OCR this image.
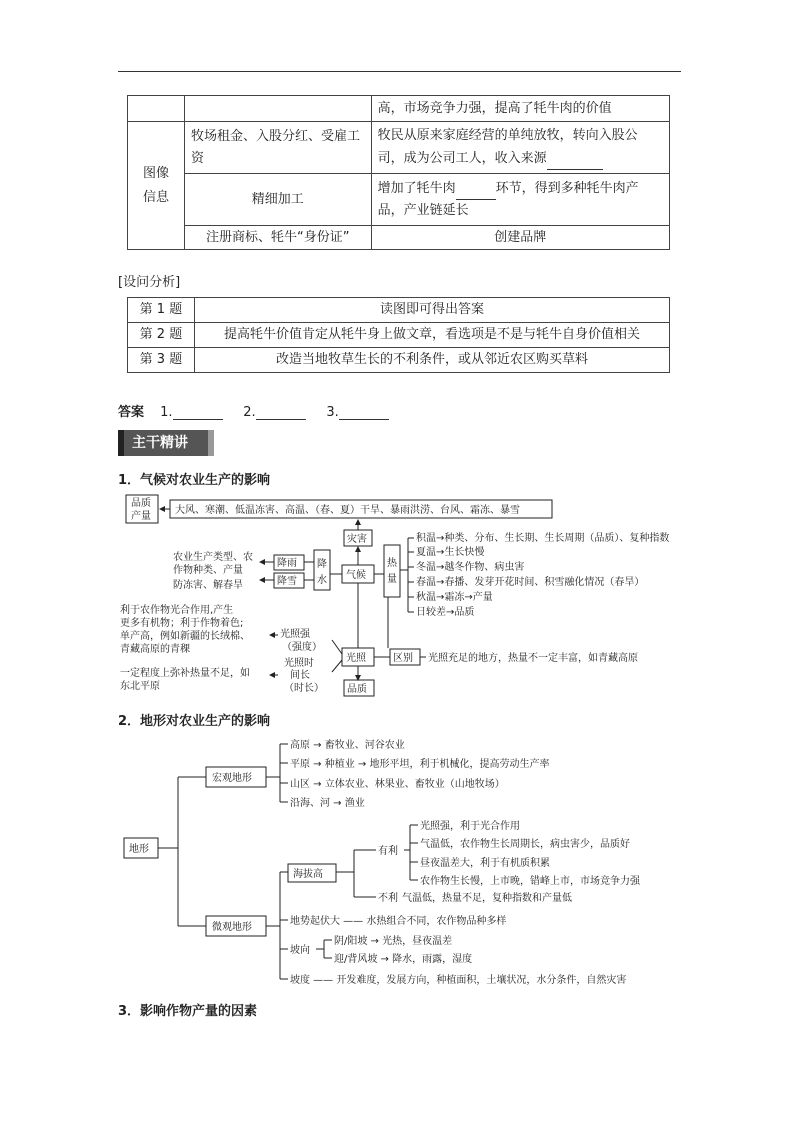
		高，市场竞争力强，提高了牦牛肉的价值
图像信息	牧场租金、入股分红、受雇工资	牧民从原来家庭经营的单纯放牧，转向入股公司，成为公司工人，收入来源
	精细加工	增加了牦牛肉 环节，得到多种牦牛肉产品，产业链延长
	注册商标、牦牛“身份证”	创建品牌
[设问分析]
第 1 题	读图即可得出答案
第 2 题	提高牦牛价值肯定从牦牛身上做文章，看选项是不是与牦牛自身价值相关
第 3 题	改造当地牧草生长的不利条件，或从邻近农区购买草料
答案 1.	2.	3.
主干精讲
1．气候对农业生产的影响
品质
产量
大风、寒潮、低温冻害、高温、（春、夏）干旱、暴雨洪涝、台风、霜冻、暴雪
灾害
气候
降
水
降雨
降雪
农业生产类型、农
作物种类、产量
防冻害、解春旱
热
量
积温→种类、分布、生长期、生长周期（品质）、复种指数
夏温→生长快慢
冬温→越冬作物、病虫害
春温→春播、发芽开花时间、积雪融化情况（春旱）
秋温→霜冻→产量
日较差→品质
光照
品质
区别 光照充足的地方，热量不一定丰富，如青藏高原
光照强
（强度）
光照时
间长
（时长）
利于农作物光合作用,产生
更多有机物；利于作物着色;
单产高，例如新疆的长绒棉、
青藏高原的青稞
一定程度上弥补热量不足，如
东北平原
2．地形对农业生产的影响
地形
宏观地形
高原 → 畜牧业、河谷农业
平原 → 种植业 → 地形平坦，利于机械化，提高劳动生产率
山区 → 立体农业、林果业、畜牧业（山地牧场）
沿海、河 → 渔业
微观地形
海拔高
有利
不利 气温低，热量不足，复种指数和产量低
光照强，利于光合作用
气温低，农作物生长周期长，病虫害少，品质好
昼夜温差大，利于有机质积累
农作物生长慢，上市晚，错峰上市，市场竞争力强
地势起伏大 —— 水热组合不同，农作物品种多样
坡向
阴/阳坡 → 光热，昼夜温差
迎/背风坡 → 降水，雨露，湿度
坡度 —— 开发难度，发展方向，种植面积，土壤状况，水分条件，自然灾害
3．影响作物产量的因素
